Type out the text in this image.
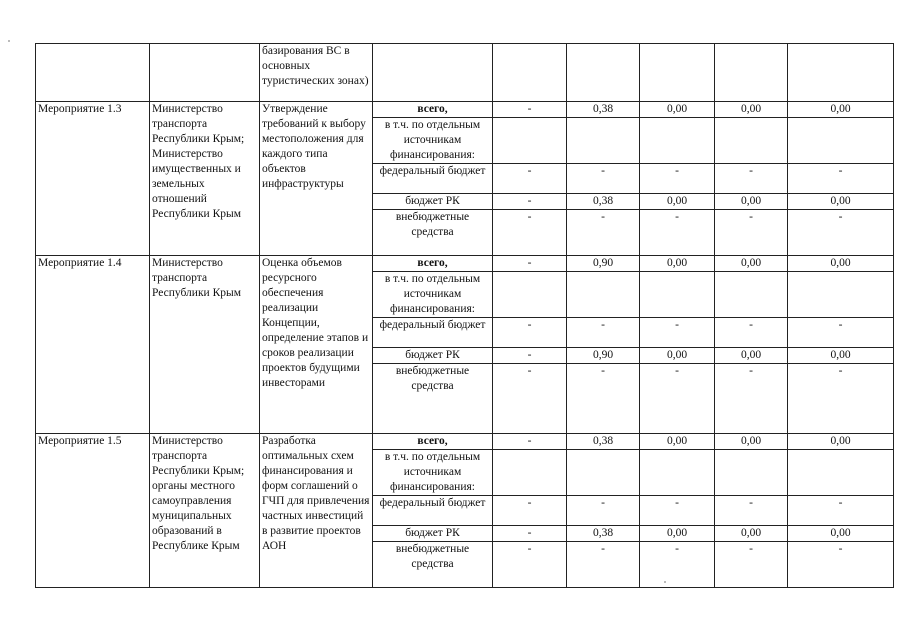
		базирования ВС в основных туристических зонах)						
Мероприятие 1.3	Министерство транспорта Республики Крым; Министерство имущественных и земельных отношений Республики Крым	Утверждение требований к выбору местоположения для каждого типа объектов инфраструктуры	всего,	-	0,38	0,00	0,00	0,00
			в т.ч. по отдельным источникам финансирования:					
			федеральный бюджет	-	-	-	-	-
			бюджет РК	-	0,38	0,00	0,00	0,00
			внебюджетные средства	-	-	-	-	-
Мероприятие 1.4	Министерство транспорта Республики Крым	Оценка объемов ресурсного обеспечения реализации Концепции, определение этапов и сроков реализации проектов будущими инвесторами	всего,	-	0,90	0,00	0,00	0,00
			в т.ч. по отдельным источникам финансирования:					
			федеральный бюджет	-	-	-	-	-
			бюджет РК	-	0,90	0,00	0,00	0,00
			внебюджетные средства	-	-	-	-	-
Мероприятие 1.5	Министерство транспорта Республики Крым; органы местного самоуправления муниципальных образований в Республике Крым	Разработка оптимальных схем финансирования и форм соглашений о ГЧП для привлечения частных инвестиций в развитие проектов АОН	всего,	-	0,38	0,00	0,00	0,00
			в т.ч. по отдельным источникам финансирования:					
			федеральный бюджет	-	-	-	-	-
			бюджет РК	-	0,38	0,00	0,00	0,00
			внебюджетные средства	-	-	-	-	-
